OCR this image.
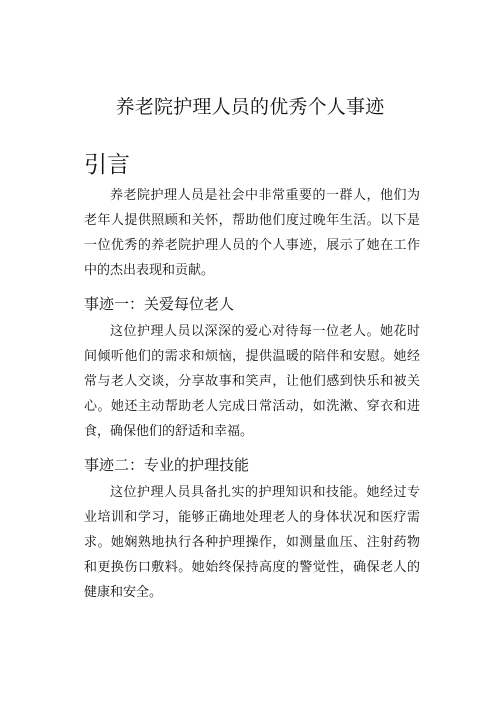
养老院护理人员的优秀个人事迹
引言

养老院护理人员是社会中非常重要的一群人，他们为老年人提供照顾和关怀，帮助他们度过晚年生活。以下是一位优秀的养老院护理人员的个人事迹，展示了她在工作中的杰出表现和贡献。

事迹一：关爱每位老人

这位护理人员以深深的爱心对待每一位老人。她花时间倾听他们的需求和烦恼，提供温暖的陪伴和安慰。她经常与老人交谈，分享故事和笑声，让他们感到快乐和被关心。她还主动帮助老人完成日常活动，如洗漱、穿衣和进食，确保他们的舒适和幸福。

事迹二：专业的护理技能

这位护理人员具备扎实的护理知识和技能。她经过专业培训和学习，能够正确地处理老人的身体状况和医疗需求。她娴熟地执行各种护理操作，如测量血压、注射药物和更换伤口敷料。她始终保持高度的警觉性，确保老人的健康和安全。
